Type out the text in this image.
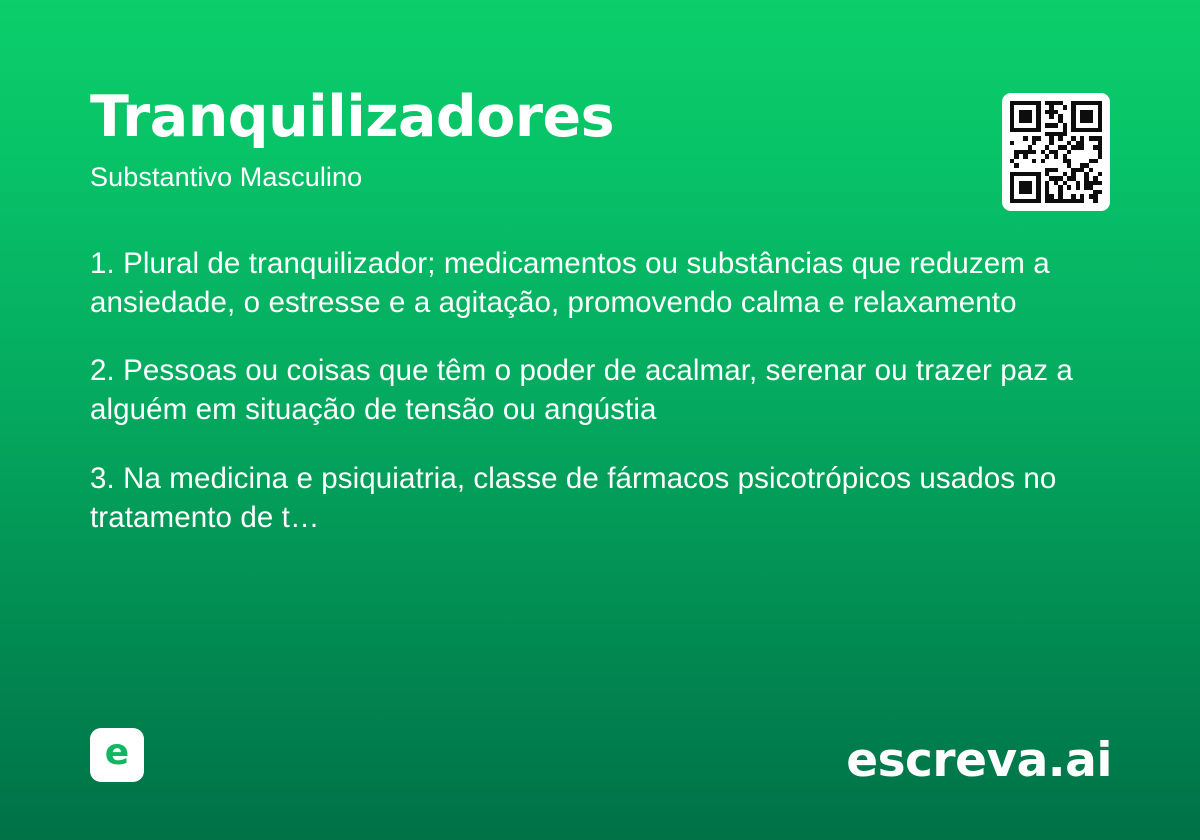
Tranquilizadores
Substantivo Masculino

1. Plural de tranquilizador; medicamentos ou substâncias que reduzem a ansiedade, o estresse e a agitação, promovendo calma e relaxamento

2. Pessoas ou coisas que têm o poder de acalmar, serenar ou trazer paz a alguém em situação de tensão ou angústia

3. Na medicina e psiquiatria, classe de fármacos psicotrópicos usados no tratamento de t…

e	escreva.ai
